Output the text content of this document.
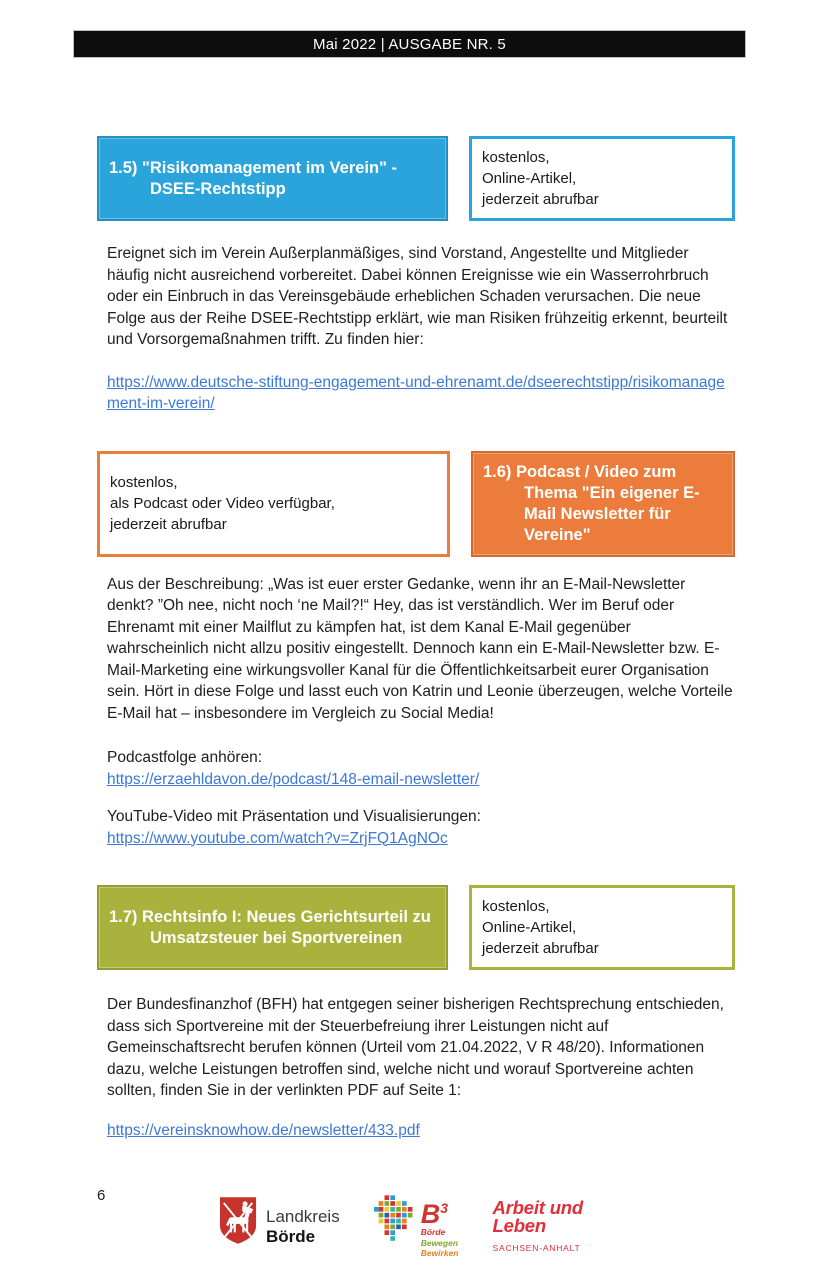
Mai 2022 | AUSGABE NR. 5
1.5) "Risikomanagement im Verein" - DSEE-Rechtstipp
kostenlos,
Online-Artikel,
jederzeit abrufbar

Ereignet sich im Verein Außerplanmäßiges, sind Vorstand, Angestellte und Mitglieder häufig nicht ausreichend vorbereitet. Dabei können Ereignisse wie ein Wasserrohrbruch oder ein Einbruch in das Vereinsgebäude erheblichen Schaden verursachen. Die neue Folge aus der Reihe DSEE-Rechtstipp erklärt, wie man Risiken frühzeitig erkennt, beurteilt und Vorsorgemaßnahmen trifft. Zu finden hier:

https://www.deutsche-stiftung-engagement-und-ehrenamt.de/dseerechtstipp/risikomanagement-im-verein/
kostenlos,
als Podcast oder Video verfügbar,
jederzeit abrufbar
1.6) Podcast / Video zum Thema "Ein eigener E-Mail Newsletter für Vereine"

Aus der Beschreibung: „Was ist euer erster Gedanke, wenn ihr an E-Mail-Newsletter denkt? ”Oh nee, nicht noch ‘ne Mail?!“ Hey, das ist verständlich. Wer im Beruf oder Ehrenamt mit einer Mailflut zu kämpfen hat, ist dem Kanal E-Mail gegenüber wahrscheinlich nicht allzu positiv eingestellt. Dennoch kann ein E-Mail-Newsletter bzw. E-Mail-Marketing eine wirkungsvoller Kanal für die Öffentlichkeitsarbeit eurer Organisation sein. Hört in diese Folge und lasst euch von Katrin und Leonie überzeugen, welche Vorteile E-Mail hat – insbesondere im Vergleich zu Social Media!

Podcastfolge anhören:
https://erzaehldavon.de/podcast/148-email-newsletter/
YouTube-Video mit Präsentation und Visualisierungen:
https://www.youtube.com/watch?v=ZrjFQ1AgNOc
1.7) Rechtsinfo I: Neues Gerichtsurteil zu Umsatzsteuer bei Sportvereinen
kostenlos,
Online-Artikel,
jederzeit abrufbar

Der Bundesfinanzhof (BFH) hat entgegen seiner bisherigen Rechtsprechung entschieden, dass sich Sportvereine mit der Steuerbefreiung ihrer Leistungen nicht auf Gemeinschaftsrecht berufen können (Urteil vom 21.04.2022, V R 48/20). Informationen dazu, welche Leistungen betroffen sind, welche nicht und worauf Sportvereine achten sollten, finden Sie in der verlinkten PDF auf Seite 1:

https://vereinsknowhow.de/newsletter/433.pdf
6
Landkreis
Börde
$B^3$
Börde
Bewegen
Bewirken
Arbeit und
Leben
SACHSEN-ANHALT
